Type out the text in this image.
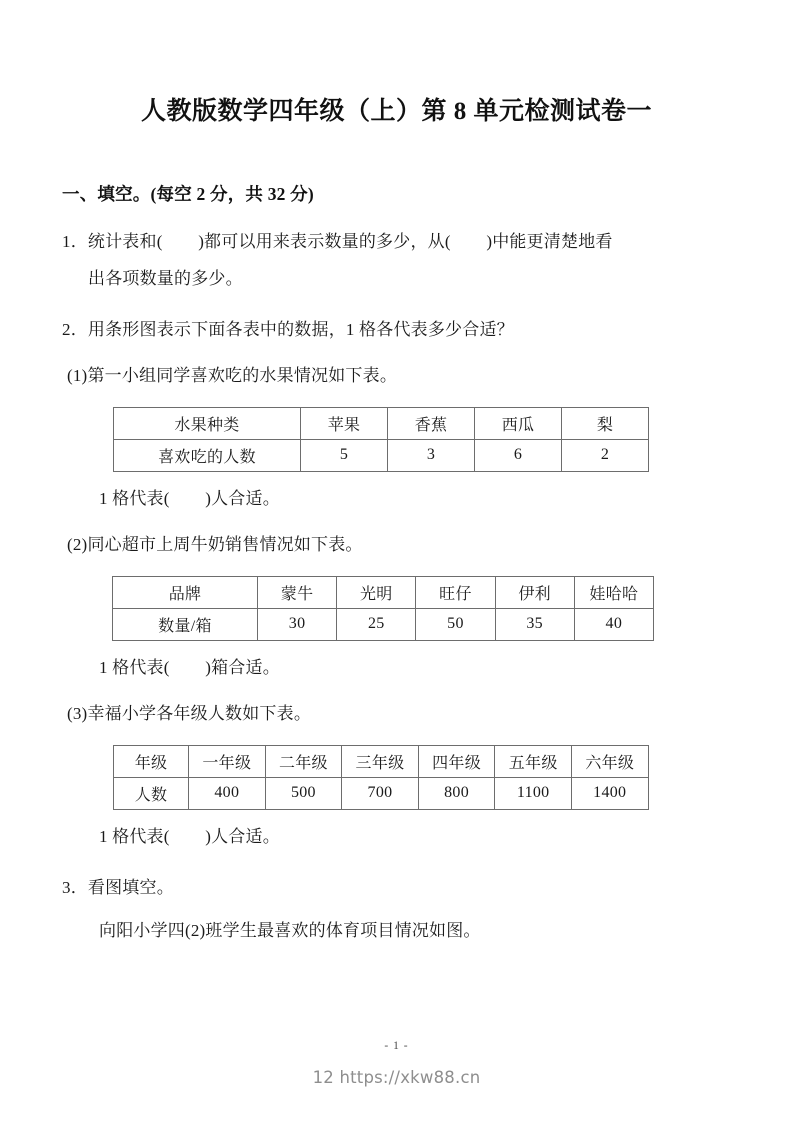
人教版数学四年级（上）第 8 单元检测试卷一
一、填空。(每空 2 分，共 32 分)
1．统计表和( )都可以用来表示数量的多少，从( )中能更清楚地看
出各项数量的多少。
2．用条形图表示下面各表中的数据，1 格各代表多少合适？
(1)第一小组同学喜欢吃的水果情况如下表。
水果种类	苹果	香蕉	西瓜	梨
喜欢吃的人数	5	3	6	2
1 格代表( )人合适。
(2)同心超市上周牛奶销售情况如下表。
品牌	蒙牛	光明	旺仔	伊利	娃哈哈
数量/箱	30	25	50	35	40
1 格代表( )箱合适。
(3)幸福小学各年级人数如下表。
年级	一年级	二年级	三年级	四年级	五年级	六年级
人数	400	500	700	800	1100	1400
1 格代表( )人合适。
3．看图填空。
向阳小学四(2)班学生最喜欢的体育项目情况如图。
- 1 -
12 https://xkw88.cn
